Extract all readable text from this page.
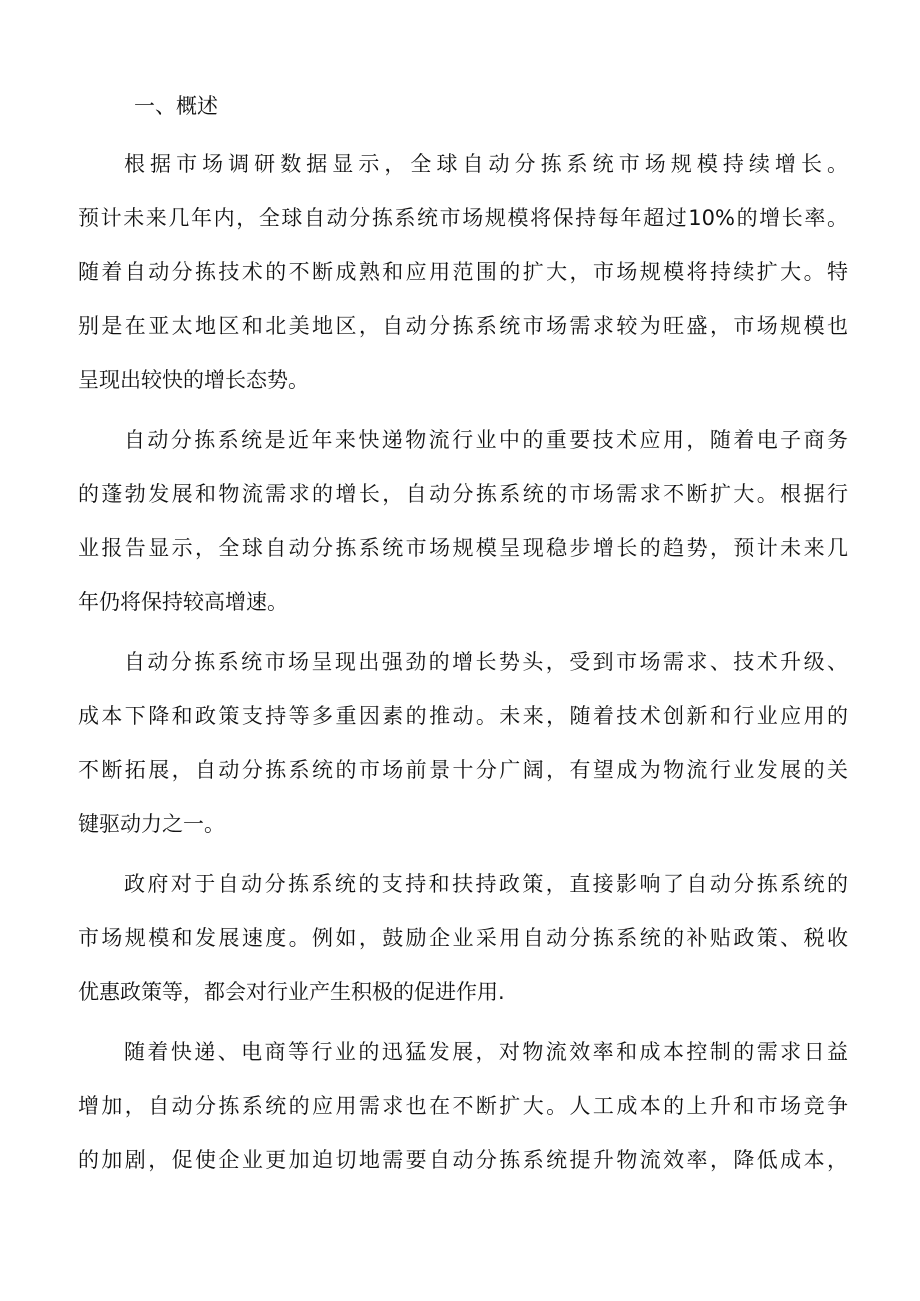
一、概述
根据市场调研数据显示，全球自动分拣系统市场规模持续增长。
预计未来几年内，全球自动分拣系统市场规模将保持每年超过10%的增长率。
随着自动分拣技术的不断成熟和应用范围的扩大，市场规模将持续扩大。特
别是在亚太地区和北美地区，自动分拣系统市场需求较为旺盛，市场规模也
呈现出较快的增长态势。
自动分拣系统是近年来快递物流行业中的重要技术应用，随着电子商务
的蓬勃发展和物流需求的增长，自动分拣系统的市场需求不断扩大。根据行
业报告显示，全球自动分拣系统市场规模呈现稳步增长的趋势，预计未来几
年仍将保持较高增速。
自动分拣系统市场呈现出强劲的增长势头，受到市场需求、技术升级、
成本下降和政策支持等多重因素的推动。未来，随着技术创新和行业应用的
不断拓展，自动分拣系统的市场前景十分广阔，有望成为物流行业发展的关
键驱动力之一。
政府对于自动分拣系统的支持和扶持政策，直接影响了自动分拣系统的
市场规模和发展速度。例如，鼓励企业采用自动分拣系统的补贴政策、税收
优惠政策等，都会对行业产生积极的促进作用.
随着快递、电商等行业的迅猛发展，对物流效率和成本控制的需求日益
增加，自动分拣系统的应用需求也在不断扩大。人工成本的上升和市场竞争
的加剧，促使企业更加迫切地需要自动分拣系统提升物流效率，降低成本，
